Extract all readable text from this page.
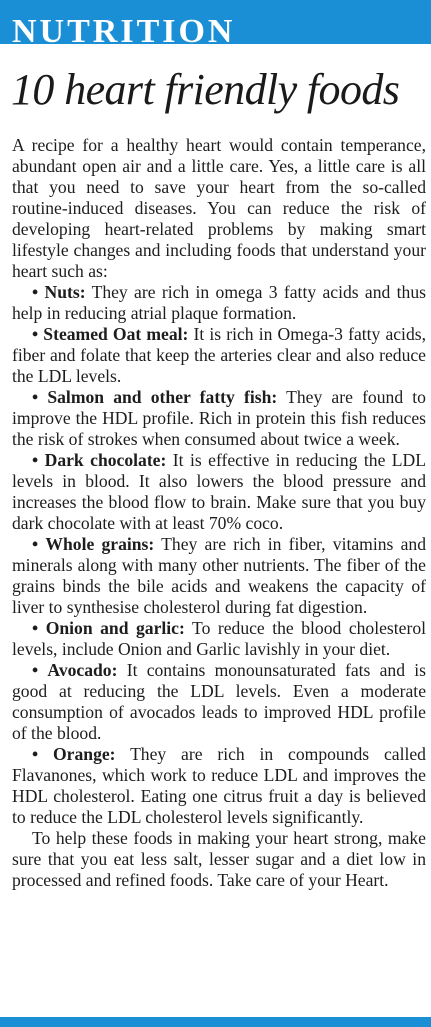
NUTRITION
10 heart friendly foods

A recipe for a healthy heart would contain temperance, abundant open air and a little care. Yes, a little care is all that you need to save your heart from the so-called routine-induced diseases. You can reduce the risk of developing heart-related problems by making smart lifestyle changes and including foods that understand your heart such as:

• Nuts: They are rich in omega 3 fatty acids and thus help in reducing atrial plaque formation.

• Steamed Oat meal: It is rich in Omega-3 fatty acids, fiber and folate that keep the arteries clear and also reduce the LDL levels.

• Salmon and other fatty fish: They are found to improve the HDL profile. Rich in protein this fish reduces the risk of strokes when consumed about twice a week.

• Dark chocolate: It is effective in reducing the LDL levels in blood. It also lowers the blood pressure and increases the blood flow to brain. Make sure that you buy dark chocolate with at least 70% coco.

• Whole grains: They are rich in fiber, vitamins and minerals along with many other nutrients. The fiber of the grains binds the bile acids and weakens the capacity of liver to synthesise cholesterol during fat digestion.

• Onion and garlic: To reduce the blood cholesterol levels, include Onion and Garlic lavishly in your diet.

• Avocado: It contains monounsaturated fats and is good at reducing the LDL levels. Even a moderate consumption of avocados leads to improved HDL profile of the blood.

• Orange: They are rich in compounds called Flavanones, which work to reduce LDL and improves the HDL cholesterol. Eating one citrus fruit a day is believed to reduce the LDL cholesterol levels significantly.

To help these foods in making your heart strong, make sure that you eat less salt, lesser sugar and a diet low in processed and refined foods. Take care of your Heart.
